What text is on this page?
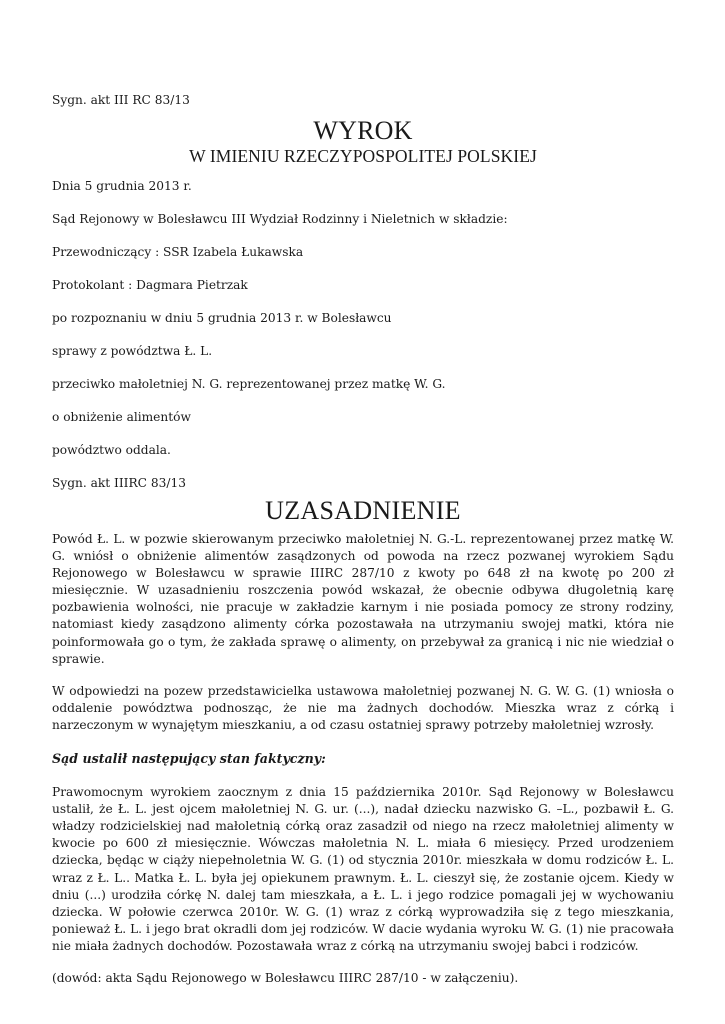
Sygn. akt III RC 83/13

WYROK

W IMIENIU RZECZYPOSPOLITEJ POLSKIEJ

Dnia 5 grudnia 2013 r.

Sąd Rejonowy w Bolesławcu III Wydział Rodzinny i Nieletnich w składzie:

Przewodniczący : SSR Izabela Łukawska

Protokolant : Dagmara Pietrzak

po rozpoznaniu w dniu 5 grudnia 2013 r. w Bolesławcu

sprawy z powództwa Ł. L.

przeciwko małoletniej N. G. reprezentowanej przez matkę W. G.

o obniżenie alimentów

powództwo oddala.

Sygn. akt IIIRC 83/13

UZASADNIENIE

Powód Ł. L. w pozwie skierowanym przeciwko małoletniej N. G.-L. reprezentowanej przez matkę W. G. wniósł o obniżenie alimentów zasądzonych od powoda na rzecz pozwanej wyrokiem Sądu Rejonowego w Bolesławcu w sprawie IIIRC 287/10 z kwoty po 648 zł na kwotę po 200 zł miesięcznie. W uzasadnieniu roszczenia powód wskazał, że obecnie odbywa długoletnią karę pozbawienia wolności, nie pracuje w zakładzie karnym i nie posiada pomocy ze strony rodziny, natomiast kiedy zasądzono alimenty córka pozostawała na utrzymaniu swojej matki, która nie poinformowała go o tym, że zakłada sprawę o alimenty, on przebywał za granicą i nic nie wiedział o sprawie.

W odpowiedzi na pozew przedstawicielka ustawowa małoletniej pozwanej N. G. W. G. (1) wniosła o oddalenie powództwa podnosząc, że nie ma żadnych dochodów. Mieszka wraz z córką i narzeczonym w wynajętym mieszkaniu, a od czasu ostatniej sprawy potrzeby małoletniej wzrosły.

Sąd ustalił następujący stan faktyczny:

Prawomocnym wyrokiem zaocznym z dnia 15 października 2010r. Sąd Rejonowy w Bolesławcu ustalił, że Ł. L. jest ojcem małoletniej N. G. ur. (...), nadał dziecku nazwisko G. –L., pozbawił Ł. G. władzy rodzicielskiej nad małoletnią córką oraz zasadził od niego na rzecz małoletniej alimenty w kwocie po 600 zł miesięcznie. Wówczas małoletnia N. L. miała 6 miesięcy. Przed urodzeniem dziecka, będąc w ciąży niepełnoletnia W. G. (1) od stycznia 2010r. mieszkała w domu rodziców Ł. L. wraz z Ł. L.. Matka Ł. L. była jej opiekunem prawnym. Ł. L. cieszył się, że zostanie ojcem. Kiedy w dniu (...) urodziła córkę N. dalej tam mieszkała, a Ł. L. i jego rodzice pomagali jej w wychowaniu dziecka. W połowie czerwca 2010r. W. G. (1) wraz z córką wyprowadziła się z tego mieszkania, ponieważ Ł. L. i jego brat okradli dom jej rodziców. W dacie wydania wyroku W. G. (1) nie pracowała nie miała żadnych dochodów. Pozostawała wraz z córką na utrzymaniu swojej babci i rodziców.

(dowód: akta Sądu Rejonowego w Bolesławcu IIIRC 287/10 - w załączeniu).
